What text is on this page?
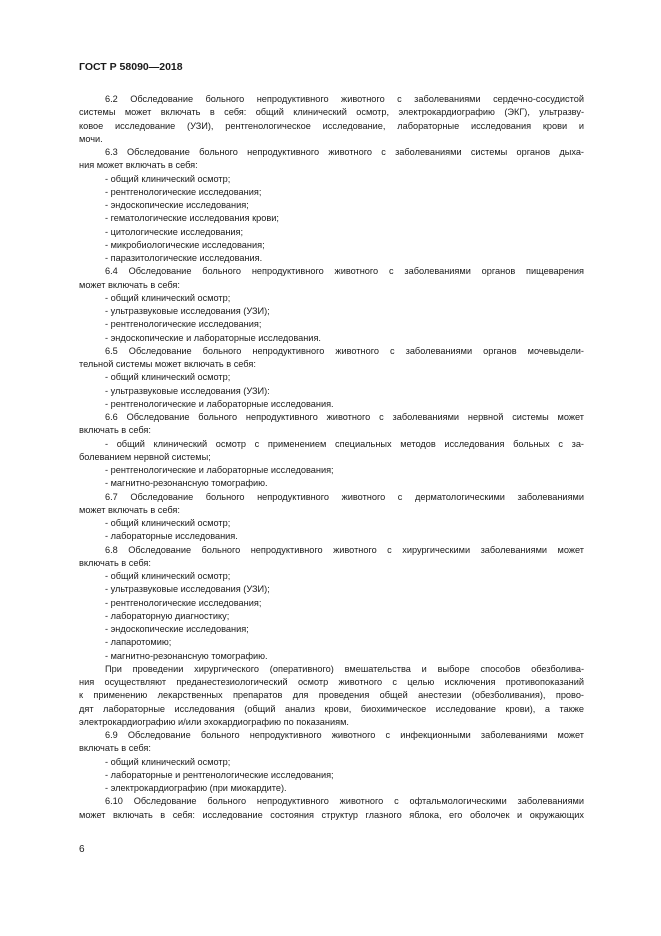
ГОСТ Р 58090—2018
6.2 Обследование больного непродуктивного животного с заболеваниями сердечно-сосудистой
системы может включать в себя: общий клинический осмотр, электрокардиографию (ЭКГ), ультразву-
ковое исследование (УЗИ), рентгенологическое исследование, лабораторные исследования крови и
мочи.
6.3 Обследование больного непродуктивного животного с заболеваниями системы органов дыха-
ния может включать в себя:
- общий клинический осмотр;
- рентгенологические исследования;
- эндоскопические исследования;
- гематологические исследования крови;
- цитологические исследования;
- микробиологические исследования;
- паразитологические исследования.
6.4 Обследование больного непродуктивного животного с заболеваниями органов пищеварения
может включать в себя:
- общий клинический осмотр;
- ультразвуковые исследования (УЗИ);
- рентгенологические исследования;
- эндоскопические и лабораторные исследования.
6.5 Обследование больного непродуктивного животного с заболеваниями органов мочевыдели-
тельной системы может включать в себя:
- общий клинический осмотр;
- ультразвуковые исследования (УЗИ):
- рентгенологические и лабораторные исследования.
6.6 Обследование больного непродуктивного животного с заболеваниями нервной системы может
включать в себя:
- общий клинический осмотр с применением специальных методов исследования больных с за-
болеванием нервной системы;
- рентгенологические и лабораторные исследования;
- магнитно-резонансную томографию.
6.7 Обследование больного непродуктивного животного с дерматологическими заболеваниями
может включать в себя:
- общий клинический осмотр;
- лабораторные исследования.
6.8 Обследование больного непродуктивного животного с хирургическими заболеваниями может
включать в себя:
- общий клинический осмотр;
- ультразвуковые исследования (УЗИ);
- рентгенологические исследования;
- лабораторную диагностику;
- эндоскопические исследования;
- лапаротомию;
- магнитно-резонансную томографию.
При проведении хирургического (оперативного) вмешательства и выборе способов обезболива-
ния осуществляют преданестезиологический осмотр животного с целью исключения противопоказаний
к применению лекарственных препаратов для проведения общей анестезии (обезболивания), прово-
дят лабораторные исследования (общий анализ крови, биохимическое исследование крови), а также
электрокардиографию и/или эхокардиографию по показаниям.
6.9 Обследование больного непродуктивного животного с инфекционными заболеваниями может
включать в себя:
- общий клинический осмотр;
- лабораторные и рентгенологические исследования;
- электрокардиографию (при миокардите).
6.10 Обследование больного непродуктивного животного с офтальмологическими заболеваниями
может включать в себя: исследование состояния структур глазного яблока, его оболочек и окружающих
6
